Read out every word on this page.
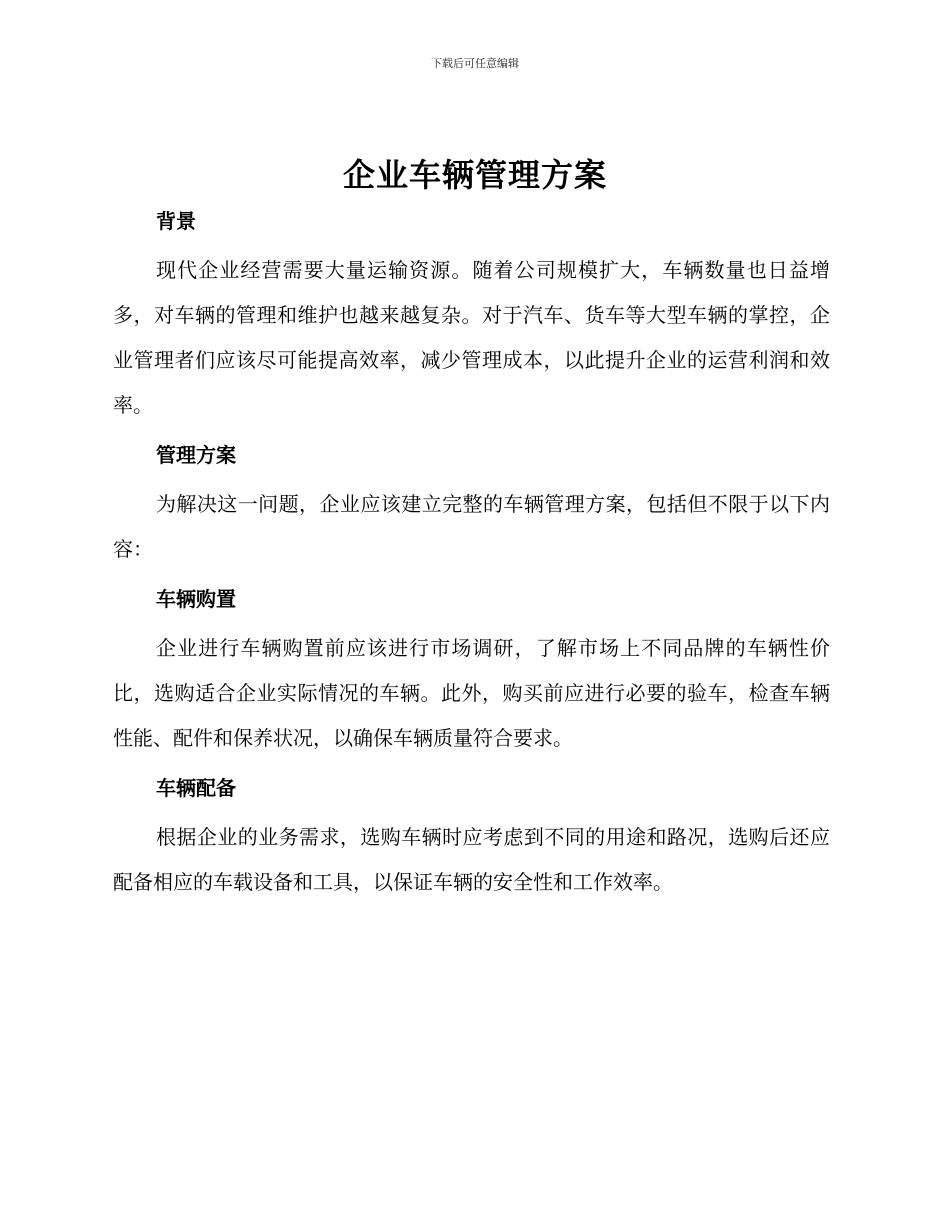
下载后可任意编辑
企业车辆管理方案
背景

现代企业经营需要大量运输资源。随着公司规模扩大，车辆数量也日益增多，对车辆的管理和维护也越来越复杂。对于汽车、货车等大型车辆的掌控，企业管理者们应该尽可能提高效率，减少管理成本，以此提升企业的运营利润和效率。

管理方案

为解决这一问题，企业应该建立完整的车辆管理方案，包括但不限于以下内容：

车辆购置

企业进行车辆购置前应该进行市场调研，了解市场上不同品牌的车辆性价比，选购适合企业实际情况的车辆。此外，购买前应进行必要的验车，检查车辆性能、配件和保养状况，以确保车辆质量符合要求。

车辆配备

根据企业的业务需求，选购车辆时应考虑到不同的用途和路况，选购后还应配备相应的车载设备和工具，以保证车辆的安全性和工作效率。
